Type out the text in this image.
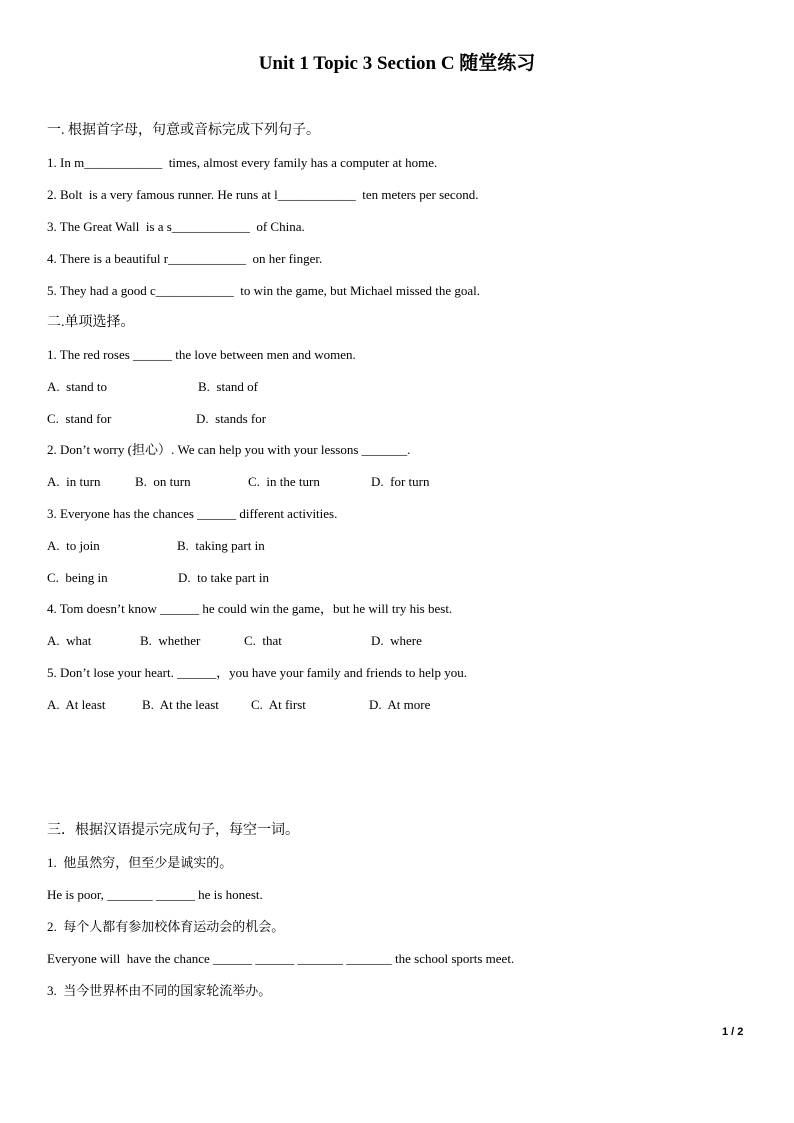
Unit 1 Topic 3 Section C 随堂练习
一. 根据首字母，句意或音标完成下列句子。
1. In m____________  times, almost every family has a computer at home.
2. Bolt  is a very famous runner. He runs at l____________  ten meters per second.
3. The Great Wall  is a s____________  of China.
4. There is a beautiful r____________  on her finger.
5. They had a good c____________  to win the game, but Michael missed the goal.
二.单项选择。
1. The red roses ______ the love between men and women.
A.  stand to	B.  stand of
C.  stand for	D.  stands for
2. Don’t worry (担心）. We can help you with your lessons _______.
A.  in turn	B.  on turn	C.  in the turn	D.  for turn
3. Everyone has the chances ______ different activities.
A.  to join	B.  taking part in
C.  being in	D.  to take part in
4. Tom doesn’t know ______ he could win the game，but he will try his best.
A.  what	B.  whether	C.  that	D.  where
5. Don’t lose your heart. ______，you have your family and friends to help you.
A.  At least	B.  At the least C.  At first	D.  At more
三．根据汉语提示完成句子，每空一词。
1.  他虽然穷，但至少是诚实的。
He is poor, _______ ______ he is honest.
2.  每个人都有参加校体育运动会的机会。
Everyone will  have the chance ______ ______ _______ _______ the school sports meet.
3.  当今世界杯由不同的国家轮流举办。
1 / 2
